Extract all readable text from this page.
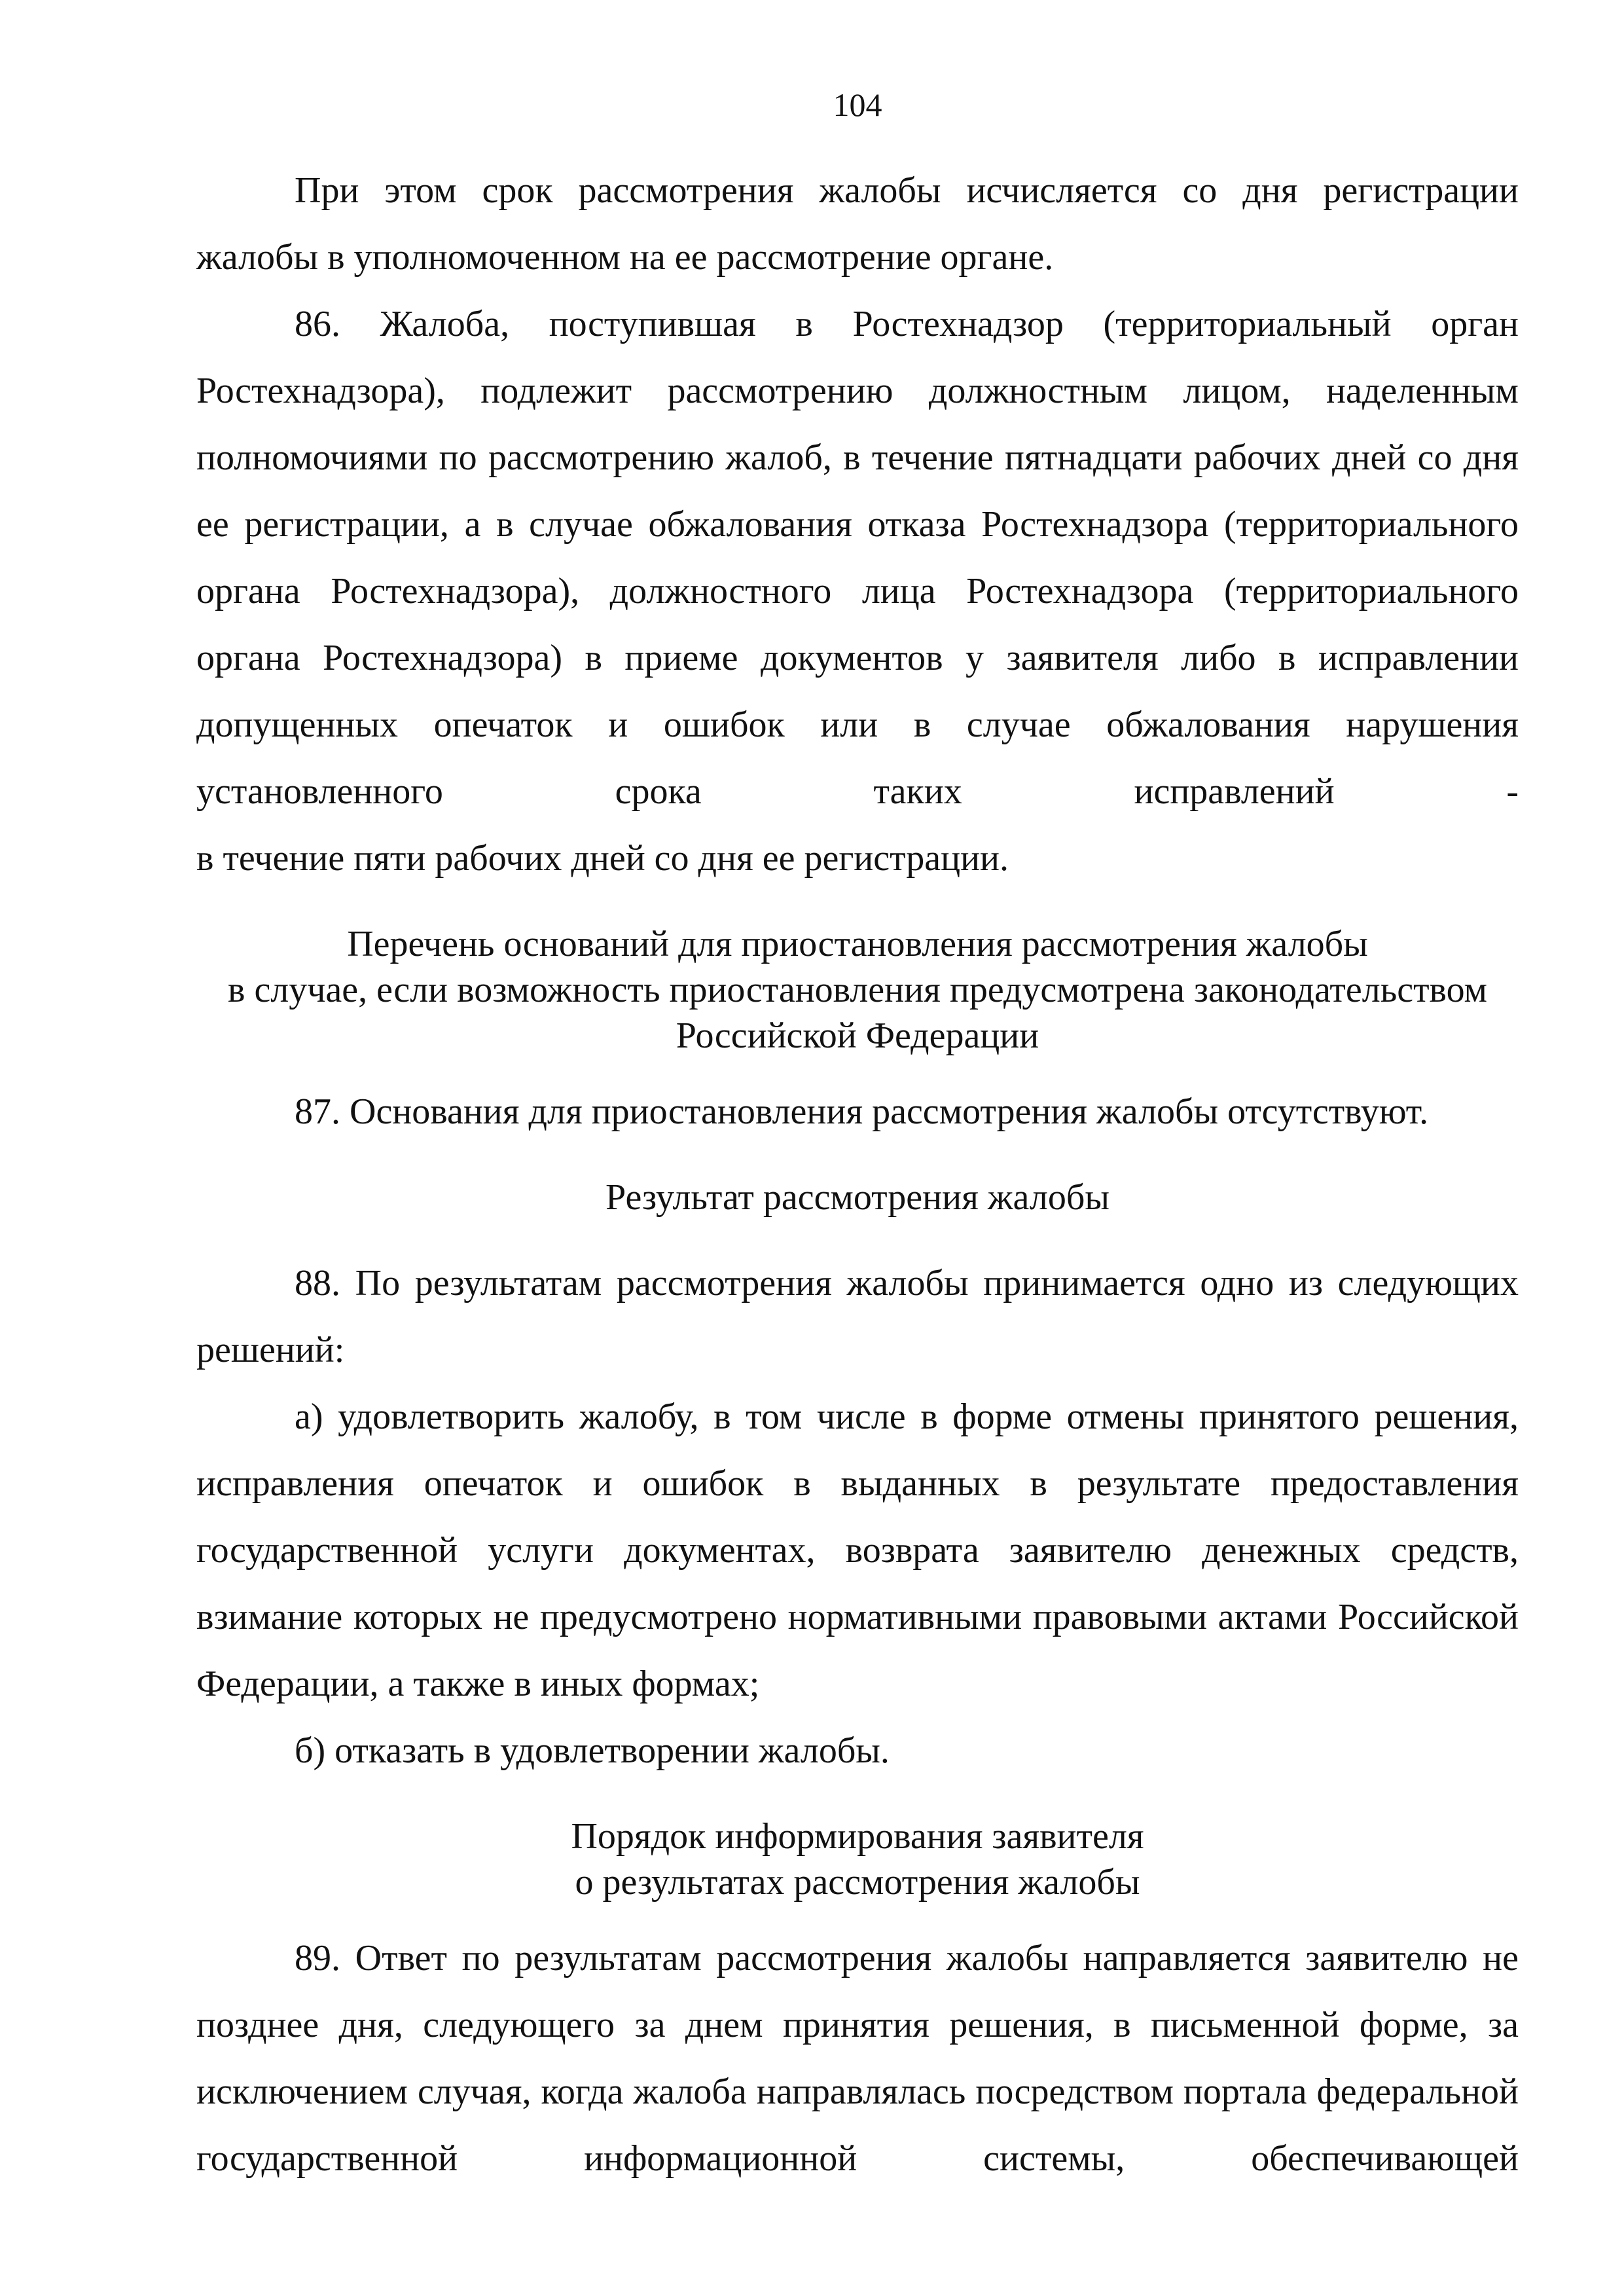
104

При этом срок рассмотрения жалобы исчисляется со дня регистрации жалобы в уполномоченном на ее рассмотрение органе.

86. Жалоба, поступившая в Ростехнадзор (территориальный орган Ростехнадзора), подлежит рассмотрению должностным лицом, наделенным полномочиями по рассмотрению жалоб, в течение пятнадцати рабочих дней со дня ее регистрации, а в случае обжалования отказа Ростехнадзора (территориального органа Ростехнадзора), должностного лица Ростехнадзора (территориального органа Ростехнадзора) в приеме документов у заявителя либо в исправлении допущенных опечаток и ошибок или в случае обжалования нарушения установленного срока таких исправлений -

в течение пяти рабочих дней со дня ее регистрации.

Перечень оснований для приостановления рассмотрения жалобы
в случае, если возможность приостановления предусмотрена законодательством
Российской Федерации

87. Основания для приостановления рассмотрения жалобы отсутствуют.

Результат рассмотрения жалобы

88. По результатам рассмотрения жалобы принимается одно из следующих решений:

а) удовлетворить жалобу, в том числе в форме отмены принятого решения, исправления опечаток и ошибок в выданных в результате предоставления государственной услуги документах, возврата заявителю денежных средств, взимание которых не предусмотрено нормативными правовыми актами Российской Федерации, а также в иных формах;

б) отказать в удовлетворении жалобы.

Порядок информирования заявителя
о результатах рассмотрения жалобы

89. Ответ по результатам рассмотрения жалобы направляется заявителю не позднее дня, следующего за днем принятия решения, в письменной форме, за исключением случая, когда жалоба направлялась посредством портала федеральной государственной информационной системы, обеспечивающей
